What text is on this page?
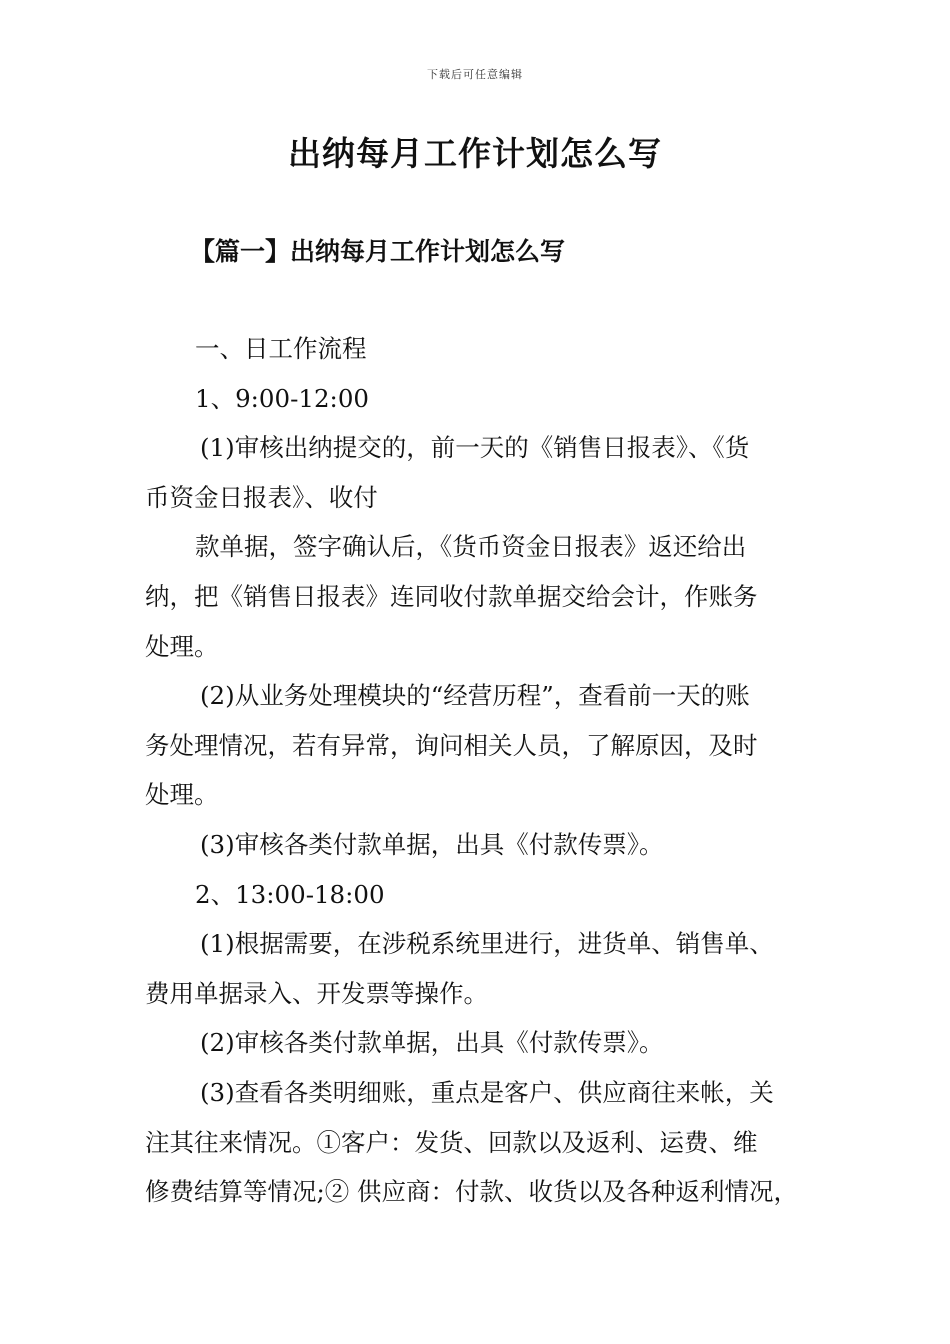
下载后可任意编辑
出纳每月工作计划怎么写
【篇一】出纳每月工作计划怎么写

一、日工作流程

1、9:00-12:00

(1)审核出纳提交的，前一天的《销售日报表》、《货

币资金日报表》、收付

款单据，签字确认后，《货币资金日报表》返还给出

纳，把《销售日报表》连同收付款单据交给会计，作账务

处理。

(2)从业务处理模块的“经营历程”，查看前一天的账

务处理情况，若有异常，询问相关人员，了解原因，及时

处理。

(3)审核各类付款单据，出具《付款传票》。

2、13:00-18:00

(1)根据需要，在涉税系统里进行，进货单、销售单、

费用单据录入、开发票等操作。

(2)审核各类付款单据，出具《付款传票》。

(3)查看各类明细账，重点是客户、供应商往来帐，关

注其往来情况。①客户：发货、回款以及返利、运费、维

修费结算等情况;② 供应商：付款、收货以及各种返利情况，
